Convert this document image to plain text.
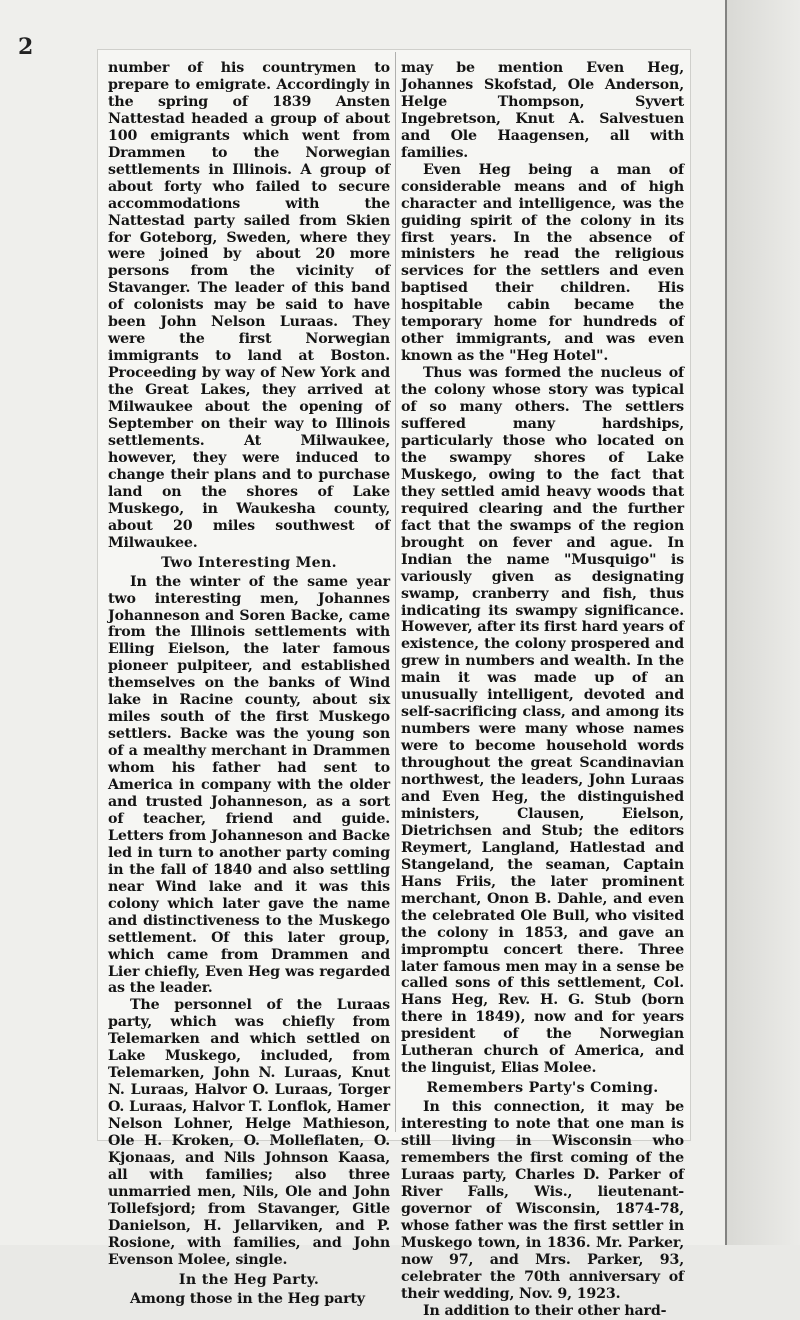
2

number of his countrymen to prepare to emigrate. Accordingly in the spring of 1839 Ansten Nattestad headed a group of about 100 emigrants which went from Drammen to the Norwegian settlements in Illinois. A group of about forty who failed to secure accommodations with the Nattestad party sailed from Skien for Goteborg, Sweden, where they were joined by about 20 more persons from the vicinity of Stavanger. The leader of this band of colonists may be said to have been John Nelson Luraas. They were the first Norwegian immigrants to land at Boston. Proceeding by way of New York and the Great Lakes, they arrived at Milwaukee about the opening of September on their way to Illinois settlements. At Milwaukee, however, they were induced to change their plans and to purchase land on the shores of Lake Muskego, in Waukesha county, about 20 miles southwest of Milwaukee.

Two Interesting Men.

In the winter of the same year two interesting men, Johannes Johanneson and Soren Backe, came from the Illinois settlements with Elling Eielson, the later famous pioneer pulpiteer, and established themselves on the banks of Wind lake in Racine county, about six miles south of the first Muskego settlers. Backe was the young son of a mealthy merchant in Drammen whom his father had sent to America in company with the older and trusted Johanneson, as a sort of teacher, friend and guide. Letters from Johanneson and Backe led in turn to another party coming in the fall of 1840 and also settling near Wind lake and it was this colony which later gave the name and distinctiveness to the Muskego settlement. Of this later group, which came from Drammen and Lier chiefly, Even Heg was regarded as the leader.

The personnel of the Luraas party, which was chiefly from Telemarken and which settled on Lake Muskego, included, from Telemarken, John N. Luraas, Knut N. Luraas, Halvor O. Luraas, Torger O. Luraas, Halvor T. Lonflok, Hamer Nelson Lohner, Helge Mathieson, Ole H. Kroken, O. Molleflaten, O. Kjonaas, and Nils Johnson Kaasa, all with families; also three unmarried men, Nils, Ole and John Tollefsjord; from Stavanger, Gitle Danielson, H. Jellarviken, and P. Rosione, with families, and John Evenson Molee, single.

In the Heg Party.

Among those in the Heg party

may be mention Even Heg, Johannes Skofstad, Ole Anderson, Helge Thompson, Syvert Ingebretson, Knut A. Salvestuen and Ole Haagensen, all with families.

Even Heg being a man of considerable means and of high character and intelligence, was the guiding spirit of the colony in its first years. In the absence of ministers he read the religious services for the settlers and even baptised their children. His hospitable cabin became the temporary home for hundreds of other immigrants, and was even known as the "Heg Hotel".

Thus was formed the nucleus of the colony whose story was typical of so many others. The settlers suffered many hardships, particularly those who located on the swampy shores of Lake Muskego, owing to the fact that they settled amid heavy woods that required clearing and the further fact that the swamps of the region brought on fever and ague. In Indian the name "Musquigo" is variously given as designating swamp, cranberry and fish, thus indicating its swampy significance. However, after its first hard years of existence, the colony prospered and grew in numbers and wealth. In the main it was made up of an unusually intelligent, devoted and self-sacrificing class, and among its numbers were many whose names were to become household words throughout the great Scandinavian northwest, the leaders, John Luraas and Even Heg, the distinguished ministers, Clausen, Eielson, Dietrichsen and Stub; the editors Reymert, Langland, Hatlestad and Stangeland, the seaman, Captain Hans Friis, the later prominent merchant, Onon B. Dahle, and even the celebrated Ole Bull, who visited the colony in 1853, and gave an impromptu concert there. Three later famous men may in a sense be called sons of this settlement, Col. Hans Heg, Rev. H. G. Stub (born there in 1849), now and for years president of the Norwegian Lutheran church of America, and the linguist, Elias Molee.

Remembers Party's Coming.

In this connection, it may be interesting to note that one man is still living in Wisconsin who remembers the first coming of the Luraas party, Charles D. Parker of River Falls, Wis., lieutenant-governor of Wisconsin, 1874-78, whose father was the first settler in Muskego town, in 1836. Mr. Parker, now 97, and Mrs. Parker, 93, celebrater the 70th anniversary of their wedding, Nov. 9, 1923.

In addition to their other hard-
